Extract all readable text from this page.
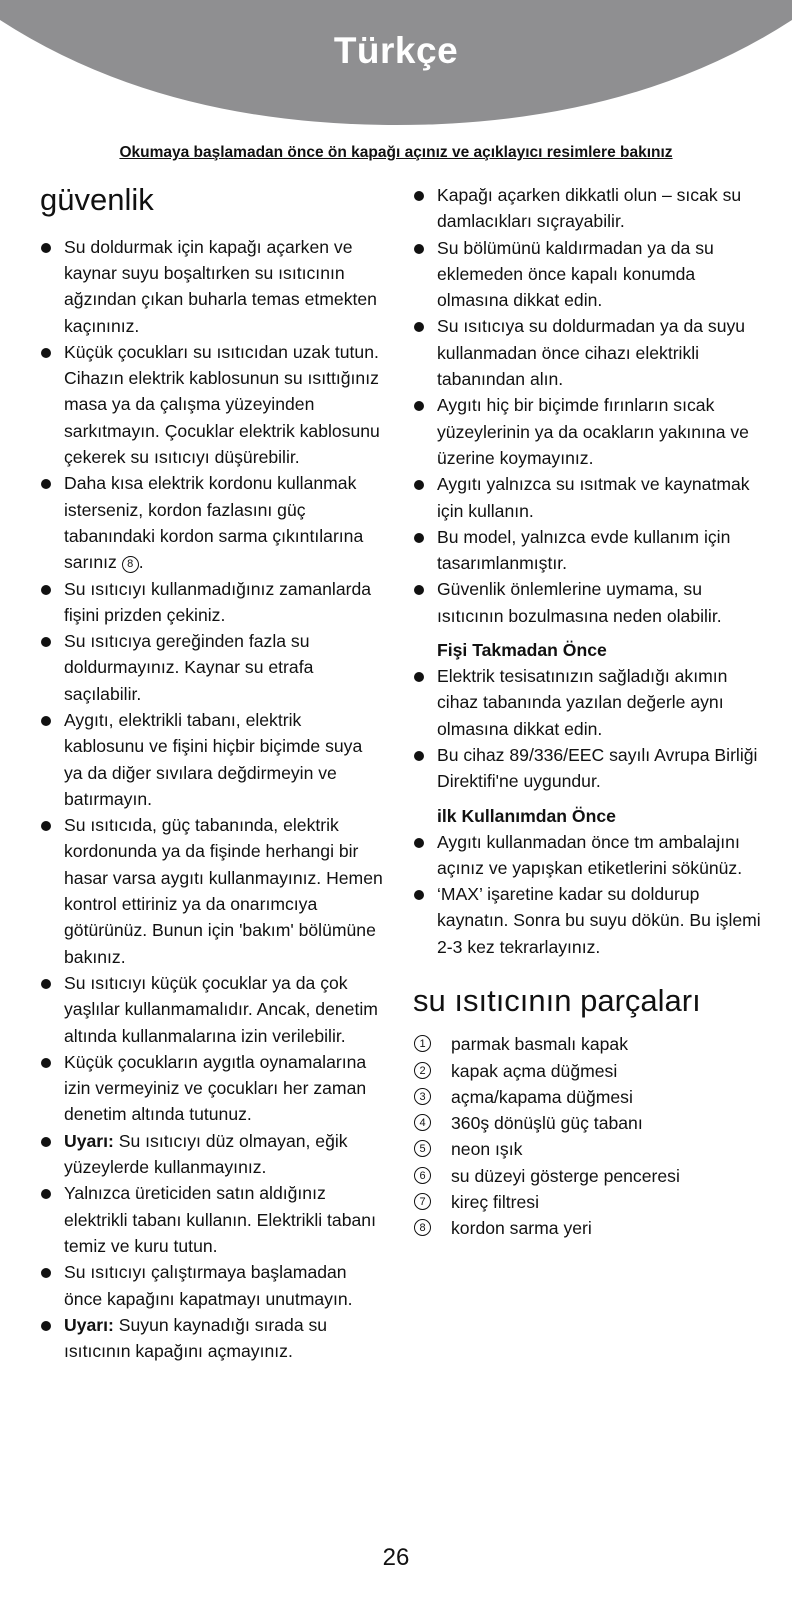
Türkçe
Okumaya başlamadan önce ön kapağı açınız ve açıklayıcı resimlere bakınız
güvenlik
Su doldurmak için kapağı açarken ve kaynar suyu boşaltırken su ısıtıcının ağzından çıkan buharla temas etmekten kaçınınız.
Küçük çocukları su ısıtıcıdan uzak tutun. Cihazın elektrik kablosunun su ısıttığınız masa ya da çalışma yüzeyinden sarkıtmayın. Çocuklar elektrik kablosunu çekerek su ısıtıcıyı düşürebilir.
Daha kısa elektrik kordonu kullanmak isterseniz, kordon fazlasını güç tabanındaki kordon sarma çıkıntılarına sarınız 8 .
Su ısıtıcıyı kullanmadığınız zamanlarda fişini prizden çekiniz.
Su ısıtıcıya gereğinden fazla su doldurmayınız. Kaynar su etrafa saçılabilir.
Aygıtı, elektrikli tabanı, elektrik kablosunu ve fişini hiçbir biçimde suya ya da diğer sıvılara değdirmeyin ve batırmayın.
Su ısıtıcıda, güç tabanında, elektrik kordonunda ya da fişinde herhangi bir hasar varsa aygıtı kullanmayınız. Hemen kontrol ettiriniz ya da onarımcıya götürünüz. Bunun için 'bakım' bölümüne bakınız.
Su ısıtıcıyı küçük çocuklar ya da çok yaşlılar kullanmamalıdır. Ancak, denetim altında kullanmalarına izin verilebilir.
Küçük çocukların aygıtla oynamalarına izin vermeyiniz ve çocukları her zaman denetim altında tutunuz.
Uyarı: Su ısıtıcıyı düz olmayan, eğik yüzeylerde kullanmayınız.
Yalnızca üreticiden satın aldığınız elektrikli tabanı kullanın. Elektrikli tabanı temiz ve kuru tutun.
Su ısıtıcıyı çalıştırmaya başlamadan önce kapağını kapatmayı unutmayın.
Uyarı: Suyun kaynadığı sırada su ısıtıcının kapağını açmayınız.
Kapağı açarken dikkatli olun – sıcak su damlacıkları sıçrayabilir.
Su bölümünü kaldırmadan ya da su eklemeden önce kapalı konumda olmasına dikkat edin.
Su ısıtıcıya su doldurmadan ya da suyu kullanmadan önce cihazı elektrikli tabanından alın.
Aygıtı hiç bir biçimde fırınların sıcak yüzeylerinin ya da ocakların yakınına ve üzerine koymayınız.
Aygıtı yalnızca su ısıtmak ve kaynatmak için kullanın.
Bu model, yalnızca evde kullanım için tasarımlanmıştır.
Güvenlik önlemlerine uymama, su ısıtıcının bozulmasına neden olabilir.
Fişi Takmadan Önce
Elektrik tesisatınızın sağladığı akımın cihaz tabanında yazılan değerle aynı olmasına dikkat edin.
Bu cihaz 89/336/EEC sayılı Avrupa Birliği Direktifi'ne uygundur.
ilk Kullanımdan Önce
Aygıtı kullanmadan önce tm ambalajını açınız ve yapışkan etiketlerini sökünüz.
‘MAX’ işaretine kadar su doldurup kaynatın. Sonra bu suyu dökün. Bu işlemi 2-3 kez tekrarlayınız.
su ısıtıcının parçaları
1	parmak basmalı kapak
2	kapak açma düğmesi
3	açma/kapama düğmesi
4	360ş dönüşlü güç tabanı
5	neon ışık
6	su düzeyi gösterge penceresi
7	kireç filtresi
8	kordon sarma yeri
26
